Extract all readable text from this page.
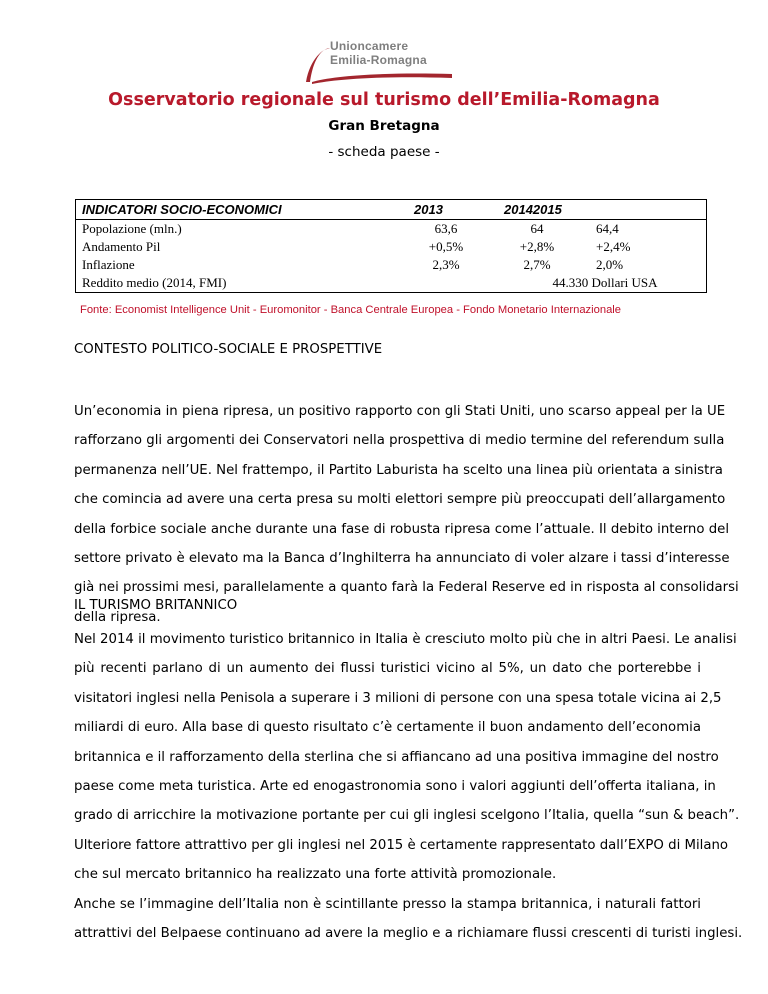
Unioncamere
Emilia-Romagna
Osservatorio regionale sul turismo dell’Emilia-Romagna
Gran Bretagna
- scheda paese -
INDICATORI SOCIO-ECONOMICI	2013	20142015	
Popolazione (mln.)	63,6	64	64,4
Andamento Pil	+0,5%	+2,8%	+2,4%
Inflazione	2,3%	2,7%	2,0%
Reddito medio (2014, FMI)		44.330 Dollari USA	
Fonte: Economist Intelligence Unit - Euromonitor - Banca Centrale Europea - Fondo Monetario Internazionale
CONTESTO POLITICO-SOCIALE E PROSPETTIVE
Un’economia in piena ripresa, un positivo rapporto con gli Stati Uniti, uno scarso appeal per la UE
rafforzano gli argomenti dei Conservatori nella prospettiva di medio termine del referendum sulla
permanenza nell’UE. Nel frattempo, il Partito Laburista ha scelto una linea più orientata a sinistra
che comincia ad avere una certa presa su molti elettori sempre più preoccupati dell’allargamento
della forbice sociale anche durante una fase di robusta ripresa come l’attuale. Il debito interno del
settore privato è elevato ma la Banca d’Inghilterra ha annunciato di voler alzare i tassi d’interesse
già nei prossimi mesi, parallelamente a quanto farà la Federal Reserve ed in risposta al consolidarsi
della ripresa.
IL TURISMO BRITANNICO
Nel 2014 il movimento turistico britannico in Italia è cresciuto molto più che in altri Paesi. Le analisi
più recenti parlano di un aumento dei flussi turistici vicino al 5%, un dato che porterebbe i
visitatori inglesi nella Penisola a superare i 3 milioni di persone con una spesa totale vicina ai 2,5
miliardi di euro. Alla base di questo risultato c’è certamente il buon andamento dell’economia
britannica e il rafforzamento della sterlina che si affiancano ad una positiva immagine del nostro
paese come meta turistica. Arte ed enogastronomia sono i valori aggiunti dell’offerta italiana, in
grado di arricchire la motivazione portante per cui gli inglesi scelgono l’Italia, quella “sun & beach”.
Ulteriore fattore attrattivo per gli inglesi nel 2015 è certamente rappresentato dall’EXPO di Milano
che sul mercato britannico ha realizzato una forte attività promozionale.
Anche se l’immagine dell’Italia non è scintillante presso la stampa britannica, i naturali fattori
attrattivi del Belpaese continuano ad avere la meglio e a richiamare flussi crescenti di turisti inglesi.
